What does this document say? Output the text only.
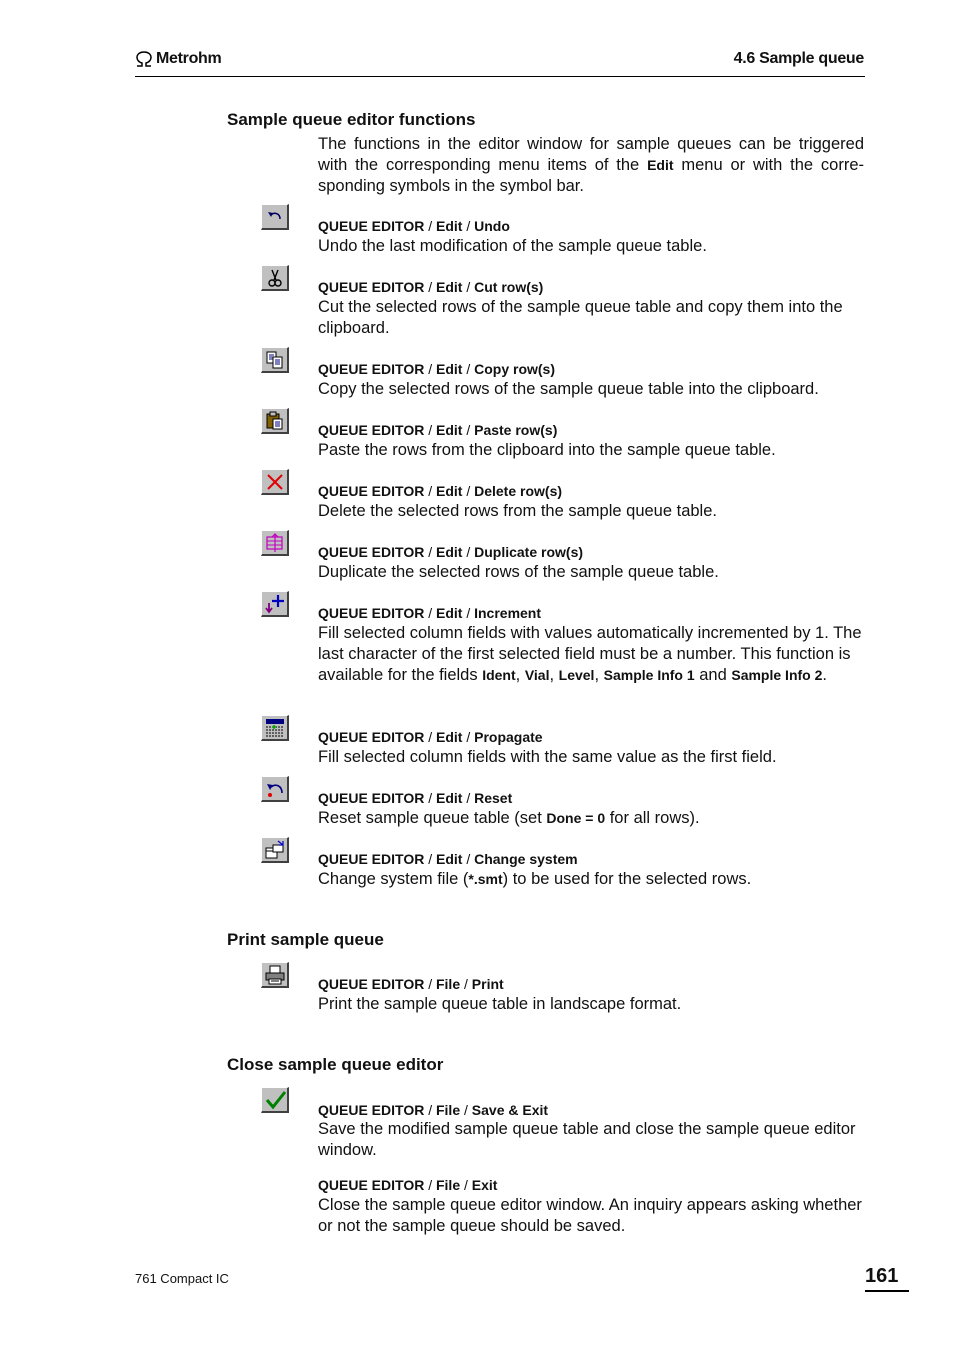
Metrohm	4.6 Sample queue
Sample queue editor functions
The functions in the editor window for sample queues can be triggered with the corresponding menu items of the Edit menu or with the corre-sponding symbols in the symbol bar.
QUEUE EDITOR / Edit / Undo
Undo the last modification of the sample queue table.
QUEUE EDITOR / Edit / Cut row(s)
Cut the selected rows of the sample queue table and copy them into the clipboard.
QUEUE EDITOR / Edit / Copy row(s)
Copy the selected rows of the sample queue table into the clipboard.
QUEUE EDITOR / Edit / Paste row(s)
Paste the rows from the clipboard into the sample queue table.
QUEUE EDITOR / Edit / Delete row(s)
Delete the selected rows from the sample queue table.
QUEUE EDITOR / Edit / Duplicate row(s)
Duplicate the selected rows of the sample queue table.
QUEUE EDITOR / Edit / Increment
Fill selected column fields with values automatically incremented by 1. The last character of the first selected field must be a number. This function is available for the fields Ident, Vial, Level, Sample Info 1 and Sample Info 2.
QUEUE EDITOR / Edit / Propagate
Fill selected column fields with the same value as the first field.
QUEUE EDITOR / Edit / Reset
Reset sample queue table (set Done = 0 for all rows).
QUEUE EDITOR / Edit / Change system
Change system file (*.smt) to be used for the selected rows.
Print sample queue
QUEUE EDITOR / File / Print
Print the sample queue table in landscape format.
Close sample queue editor
QUEUE EDITOR / File / Save & Exit
Save the modified sample queue table and close the sample queue editor window.
QUEUE EDITOR / File / Exit
Close the sample queue editor window. An inquiry appears asking whether or not the sample queue should be saved.
761 Compact IC	161
